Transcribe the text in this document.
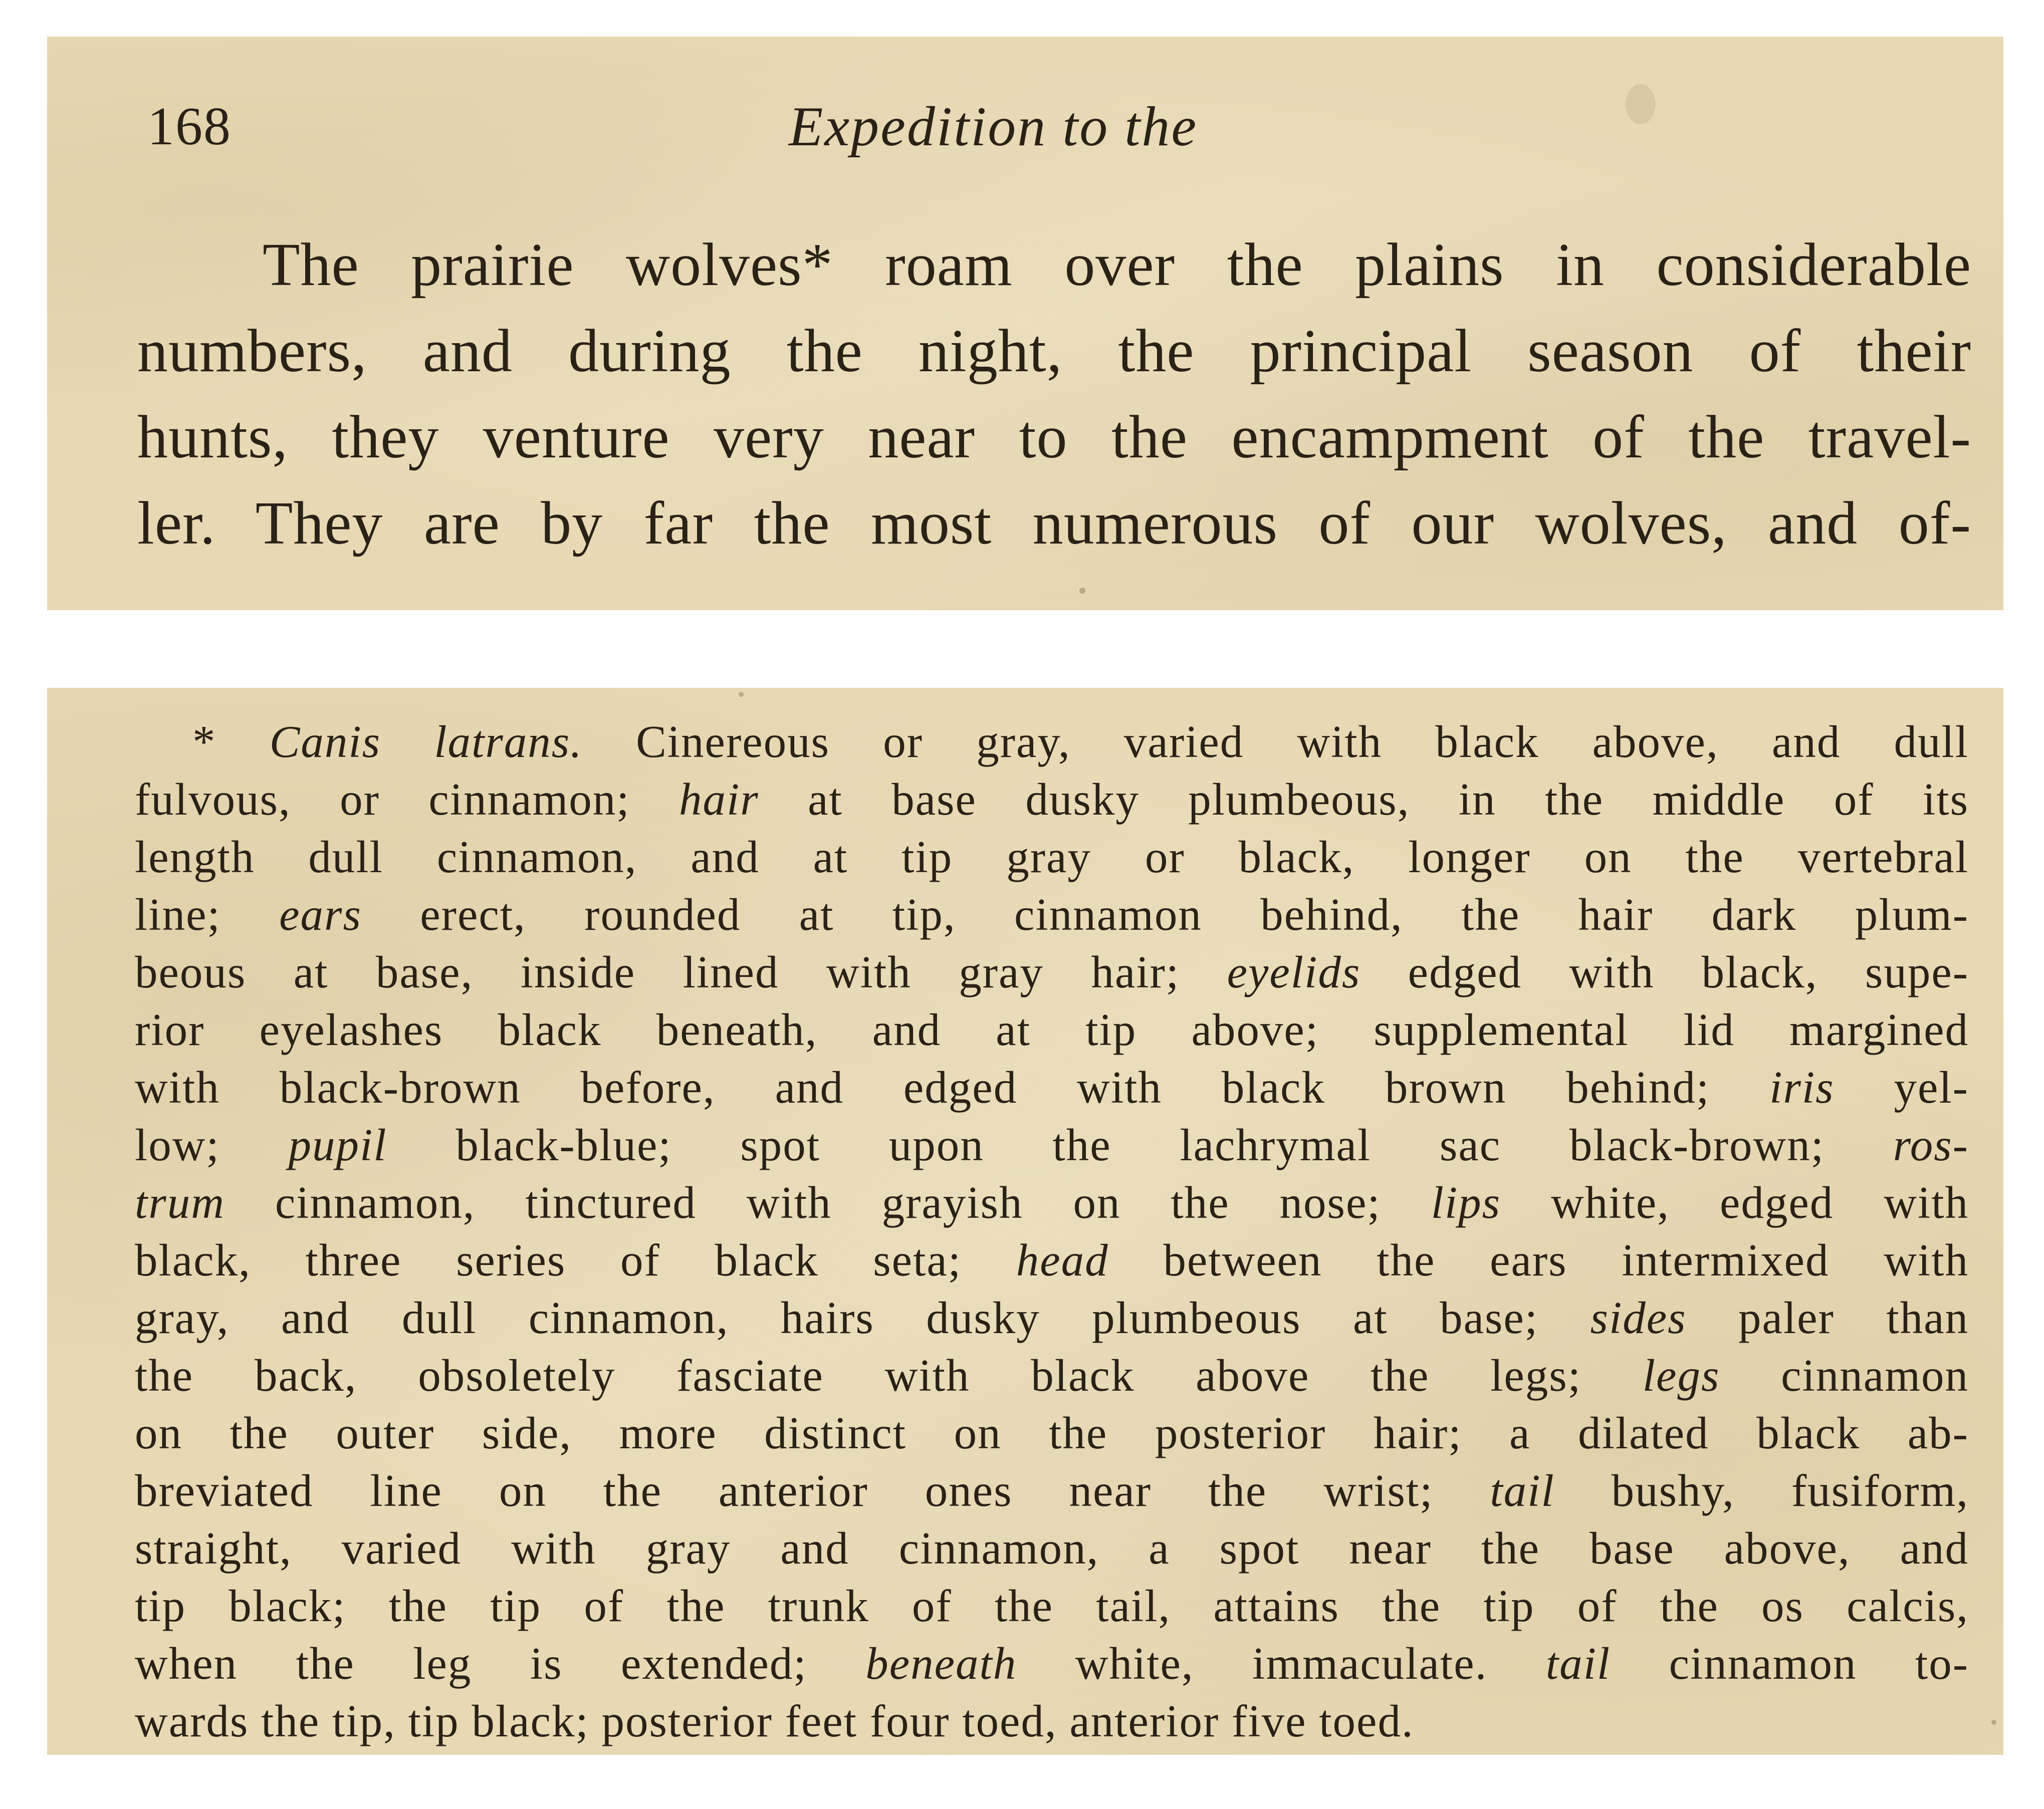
168	Expedition to the
The prairie wolves* roam over the plains in considerable
numbers, and during the night, the principal season of their
hunts, they venture very near to the encampment of the travel-
ler. They are by far the most numerous of our wolves, and of-
* Canis latrans. Cinereous or gray, varied with black above, and dull
fulvous, or cinnamon; hair at base dusky plumbeous, in the middle of its
length dull cinnamon, and at tip gray or black, longer on the vertebral
line; ears erect, rounded at tip, cinnamon behind, the hair dark plum-
beous at base, inside lined with gray hair; eyelids edged with black, supe-
rior eyelashes black beneath, and at tip above; supplemental lid margined
with black-brown before, and edged with black brown behind; iris yel-
low; pupil black-blue; spot upon the lachrymal sac black-brown; ros-
trum cinnamon, tinctured with grayish on the nose; lips white, edged with
black, three series of black seta; head between the ears intermixed with
gray, and dull cinnamon, hairs dusky plumbeous at base; sides paler than
the back, obsoletely fasciate with black above the legs; legs cinnamon
on the outer side, more distinct on the posterior hair; a dilated black ab-
breviated line on the anterior ones near the wrist; tail bushy, fusiform,
straight, varied with gray and cinnamon, a spot near the base above, and
tip black; the tip of the trunk of the tail, attains the tip of the os calcis,
when the leg is extended; beneath white, immaculate. tail cinnamon to-
wards the tip, tip black; posterior feet four toed, anterior five toed.
